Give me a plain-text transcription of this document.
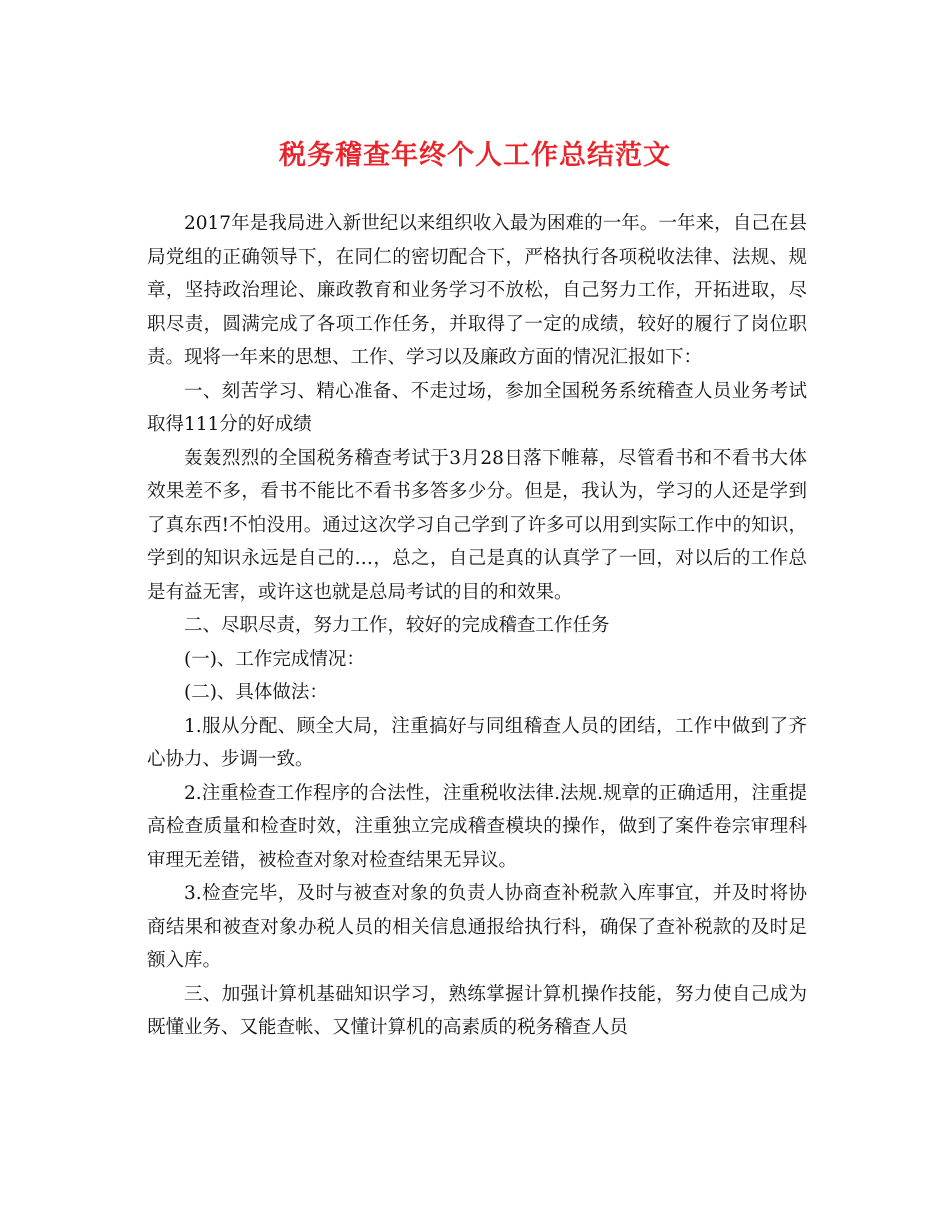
税务稽查年终个人工作总结范文

2017年是我局进入新世纪以来组织收入最为困难的一年。一年来，自己在县局党组的正确领导下，在同仁的密切配合下，严格执行各项税收法律、法规、规章，坚持政治理论、廉政教育和业务学习不放松，自己努力工作，开拓进取，尽职尽责，圆满完成了各项工作任务，并取得了一定的成绩，较好的履行了岗位职责。现将一年来的思想、工作、学习以及廉政方面的情况汇报如下：

一、刻苦学习、精心准备、不走过场，参加全国税务系统稽查人员业务考试取得111分的好成绩

轰轰烈烈的全国税务稽查考试于3月28日落下帷幕，尽管看书和不看书大体效果差不多，看书不能比不看书多答多少分。但是，我认为，学习的人还是学到了真东西!不怕没用。通过这次学习自己学到了许多可以用到实际工作中的知识，学到的知识永远是自己的…，总之，自己是真的认真学了一回，对以后的工作总是有益无害，或许这也就是总局考试的目的和效果。

二、尽职尽责，努力工作，较好的完成稽查工作任务

(一)、工作完成情况：

(二)、具体做法：

1.服从分配、顾全大局，注重搞好与同组稽查人员的团结，工作中做到了齐心协力、步调一致。

2.注重检查工作程序的合法性，注重税收法律.法规.规章的正确适用，注重提高检查质量和检查时效，注重独立完成稽查模块的操作，做到了案件卷宗审理科审理无差错，被检查对象对检查结果无异议。

3.检查完毕，及时与被查对象的负责人协商查补税款入库事宜，并及时将协商结果和被查对象办税人员的相关信息通报给执行科，确保了查补税款的及时足额入库。

三、加强计算机基础知识学习，熟练掌握计算机操作技能，努力使自己成为既懂业务、又能查帐、又懂计算机的高素质的税务稽查人员
